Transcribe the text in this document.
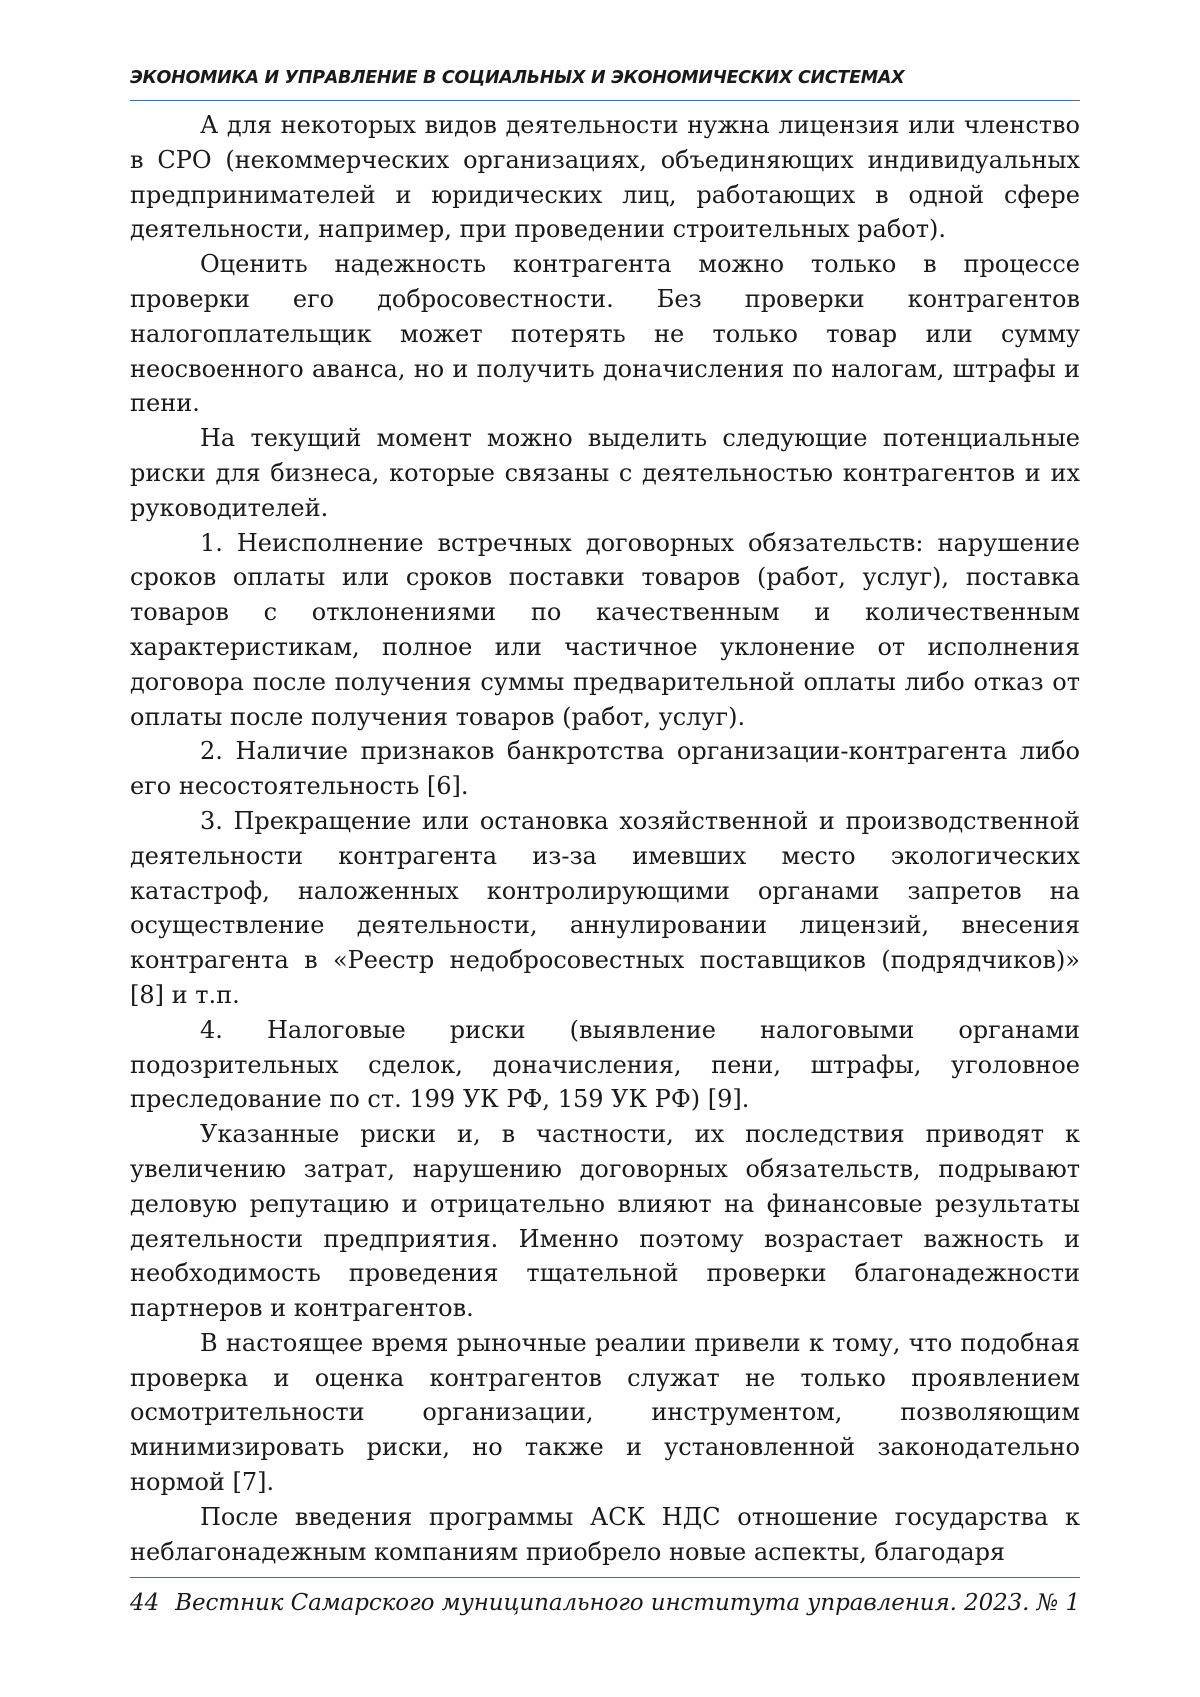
ЭКОНОМИКА И УПРАВЛЕНИЕ В СОЦИАЛЬНЫХ И ЭКОНОМИЧЕСКИХ СИСТЕМАХ

А для некоторых видов деятельности нужна лицензия или членство в СРО (некоммерческих организациях, объединяющих индивидуальных предпринимателей и юридических лиц, работающих в одной сфере деятельности, например, при проведении строительных работ).

Оценить надежность контрагента можно только в процессе проверки его добросовестности. Без проверки контрагентов налогоплательщик может потерять не только товар или сумму неосвоенного аванса, но и получить доначисления по налогам, штрафы и пени.

На текущий момент можно выделить следующие потенциальные риски для бизнеса, которые связаны с деятельностью контрагентов и их руководителей.

1. Неисполнение встречных договорных обязательств: нарушение сроков оплаты или сроков поставки товаров (работ, услуг), поставка товаров с отклонениями по качественным и количественным характеристикам, полное или частичное уклонение от исполнения договора после получения суммы предварительной оплаты либо отказ от оплаты после получения товаров (работ, услуг).

2. Наличие признаков банкротства организации-контрагента либо его несостоятельность [6].

3. Прекращение или остановка хозяйственной и производственной деятельности контрагента из-за имевших место экологических катастроф, наложенных контролирующими органами запретов на осуществление деятельности, аннулировании лицензий, внесения контрагента в «Реестр недобросовестных поставщиков (подрядчиков)» [8] и т.п.

4. Налоговые риски (выявление налоговыми органами подозрительных сделок, доначисления, пени, штрафы, уголовное преследование по ст. 199 УК РФ, 159 УК РФ) [9].

Указанные риски и, в частности, их последствия приводят к увеличению затрат, нарушению договорных обязательств, подрывают деловую репутацию и отрицательно влияют на финансовые результаты деятельности предприятия. Именно поэтому возрастает важность и необходимость проведения тщательной проверки благонадежности партнеров и контрагентов.

В настоящее время рыночные реалии привели к тому, что подобная проверка и оценка контрагентов служат не только проявлением осмотрительности организации, инструментом, позволяющим минимизировать риски, но также и установленной законодательно нормой [7].

После введения программы АСК НДС отношение государства к неблагонадежным компаниям приобрело новые аспекты, благодаря

44 Вестник Самарского муниципального института управления. 2023. № 1
